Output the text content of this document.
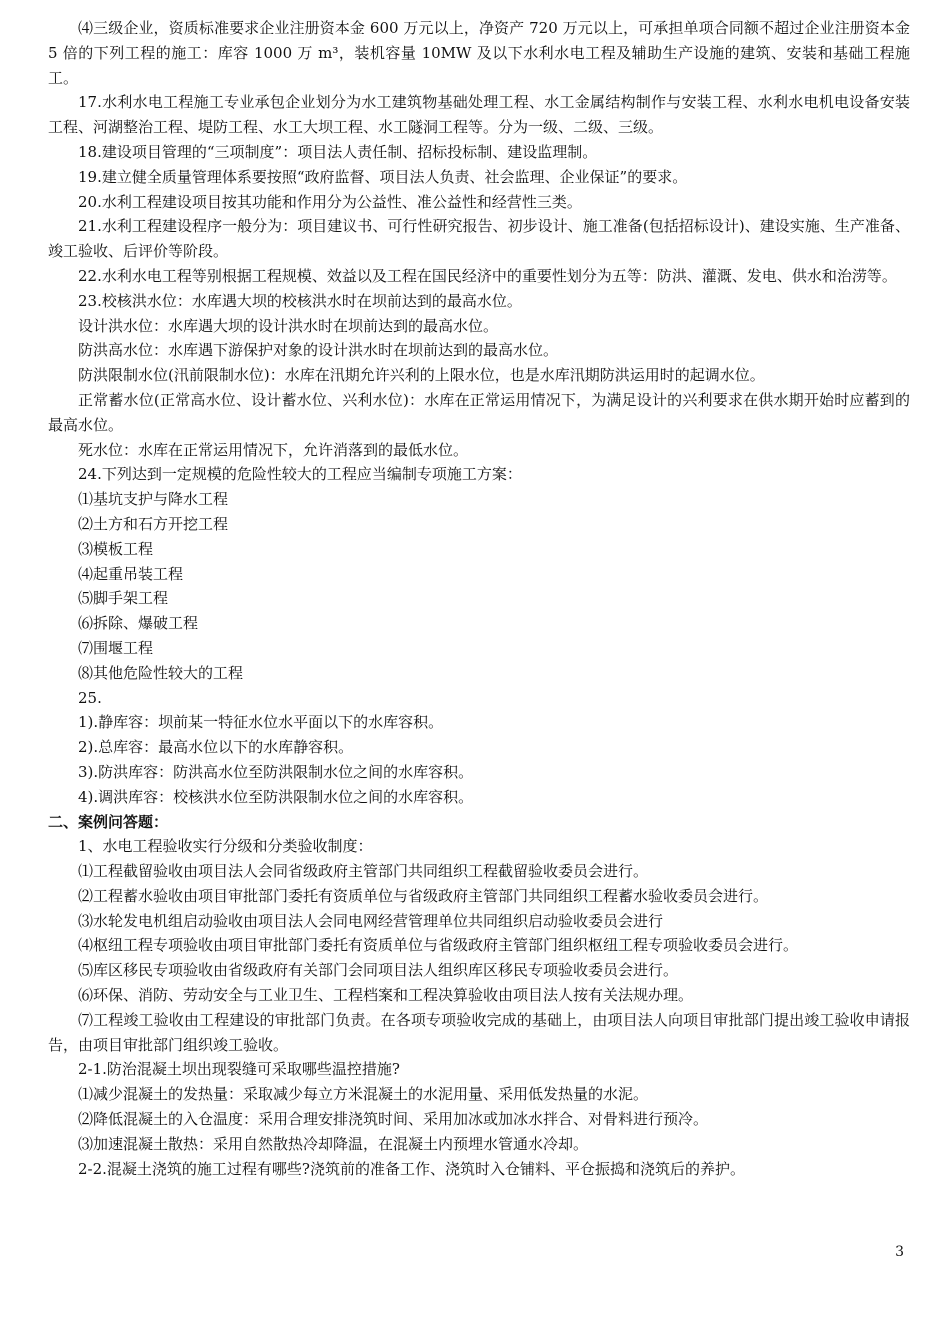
⑷三级企业，资质标准要求企业注册资本金 600 万元以上，净资产 720 万元以上，可承担单项合同额不超过企业注册资本金 5 倍的下列工程的施工：库容 1000 万 m³，装机容量 10MW 及以下水利水电工程及辅助生产设施的建筑、安装和基础工程施工。

17.水利水电工程施工专业承包企业划分为水工建筑物基础处理工程、水工金属结构制作与安装工程、水利水电机电设备安装工程、河湖整治工程、堤防工程、水工大坝工程、水工隧洞工程等。分为一级、二级、三级。

18.建设项目管理的“三项制度”：项目法人责任制、招标投标制、建设监理制。

19.建立健全质量管理体系要按照“政府监督、项目法人负责、社会监理、企业保证”的要求。

20.水利工程建设项目按其功能和作用分为公益性、准公益性和经营性三类。

21.水利工程建设程序一般分为：项目建议书、可行性研究报告、初步设计、施工准备(包括招标设计)、建设实施、生产准备、竣工验收、后评价等阶段。

22.水利水电工程等别根据工程规模、效益以及工程在国民经济中的重要性划分为五等：防洪、灌溉、发电、供水和治涝等。

23.校核洪水位：水库遇大坝的校核洪水时在坝前达到的最高水位。

设计洪水位：水库遇大坝的设计洪水时在坝前达到的最高水位。

防洪高水位：水库遇下游保护对象的设计洪水时在坝前达到的最高水位。

防洪限制水位(汛前限制水位)：水库在汛期允许兴利的上限水位，也是水库汛期防洪运用时的起调水位。

正常蓄水位(正常高水位、设计蓄水位、兴利水位)：水库在正常运用情况下，为满足设计的兴利要求在供水期开始时应蓄到的最高水位。

死水位：水库在正常运用情况下，允许消落到的最低水位。

24.下列达到一定规模的危险性较大的工程应当编制专项施工方案：

⑴基坑支护与降水工程

⑵土方和石方开挖工程

⑶模板工程

⑷起重吊装工程

⑸脚手架工程

⑹拆除、爆破工程

⑺围堰工程

⑻其他危险性较大的工程

25.

1).静库容：坝前某一特征水位水平面以下的水库容积。

2).总库容：最高水位以下的水库静容积。

3).防洪库容：防洪高水位至防洪限制水位之间的水库容积。

4).调洪库容：校核洪水位至防洪限制水位之间的水库容积。

二、案例问答题：

1、水电工程验收实行分级和分类验收制度：

⑴工程截留验收由项目法人会同省级政府主管部门共同组织工程截留验收委员会进行。

⑵工程蓄水验收由项目审批部门委托有资质单位与省级政府主管部门共同组织工程蓄水验收委员会进行。

⑶水轮发电机组启动验收由项目法人会同电网经营管理单位共同组织启动验收委员会进行

⑷枢纽工程专项验收由项目审批部门委托有资质单位与省级政府主管部门组织枢纽工程专项验收委员会进行。

⑸库区移民专项验收由省级政府有关部门会同项目法人组织库区移民专项验收委员会进行。

⑹环保、消防、劳动安全与工业卫生、工程档案和工程决算验收由项目法人按有关法规办理。

⑺工程竣工验收由工程建设的审批部门负责。在各项专项验收完成的基础上，由项目法人向项目审批部门提出竣工验收申请报告，由项目审批部门组织竣工验收。

2-1.防治混凝土坝出现裂缝可采取哪些温控措施?

⑴减少混凝土的发热量：采取减少每立方米混凝土的水泥用量、采用低发热量的水泥。

⑵降低混凝土的入仓温度：采用合理安排浇筑时间、采用加冰或加冰水拌合、对骨料进行预冷。

⑶加速混凝土散热：采用自然散热冷却降温，在混凝土内预埋水管通水冷却。

2-2.混凝土浇筑的施工过程有哪些?浇筑前的准备工作、浇筑时入仓铺料、平仓振捣和浇筑后的养护。

3
